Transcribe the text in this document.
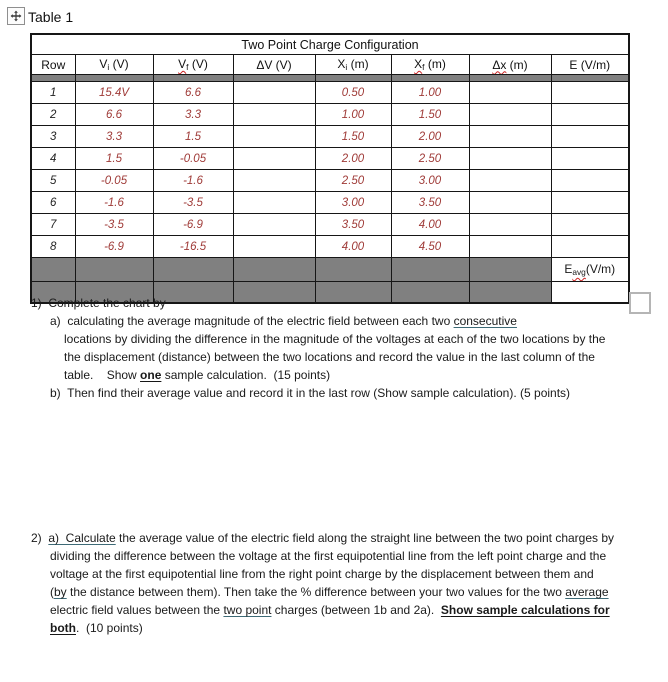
Table 1
Two Point Charge Configuration							
Row	$V_i$ (V)	$V_f$ (V)	ΔV (V)	$X_i$ (m)	$X_f$ (m)	Δx (m)	E (V/m)

1	15.4V	6.6		0.50	1.00		
2	6.6	3.3		1.00	1.50		
3	3.3	1.5		1.50	2.00		
4	1.5	-0.05		2.00	2.50		
5	-0.05	-1.6		2.50	3.00		
6	-1.6	-3.5		3.00	3.50		
7	-3.5	-6.9		3.50	4.00		
8	-6.9	-16.5		4.00	4.50		
							$E_{avg}(V/m)$

1)  Complete the chart by
a)  calculating the average magnitude of the electric field between each two consecutive
locations by dividing the difference in the magnitude of the voltages at each of the two locations by the
the displacement (distance) between the two locations and record the value in the last column of the
table.    Show one sample calculation.  (15 points)
b)  Then find their average value and record it in the last row (Show sample calculation). (5 points)
2)  a)  Calculate the average value of the electric field along the straight line between the two point charges by
dividing the difference between the voltage at the first equipotential line from the left point charge and the
voltage at the first equipotential line from the right point charge by the displacement between them and
(by the distance between them). Then take the % difference between your two values for the two average
electric field values between the two point charges (between 1b and 2a).  Show sample calculations for
both.  (10 points)
